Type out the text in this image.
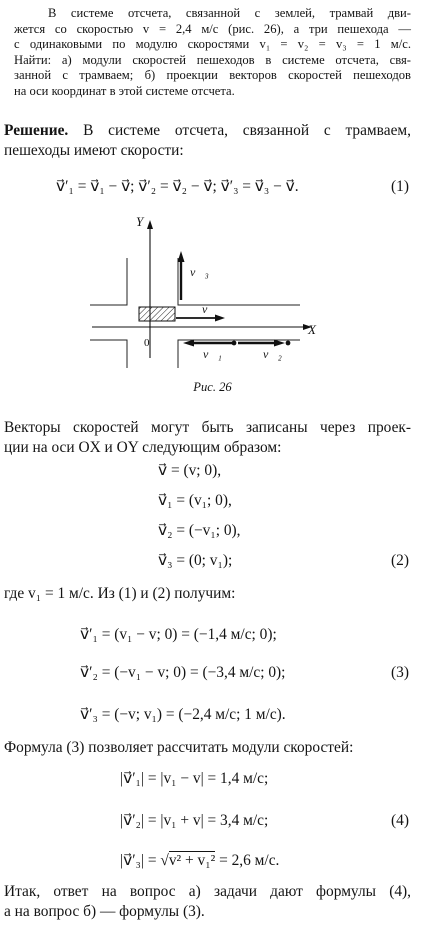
В системе отсчета, связанной с землей, трамвай дви-

жется со скоростью v = 2,4 м/с (рис. 26), а три пешехода —

с одинаковыми по модулю скоростями v₁ = v₂ = v₃ = 1 м/с.

Найти: а) модули скоростей пешеходов в системе отсчета, свя-

занной с трамваем; б) проекции векторов скоростей пешеходов

на оси координат в этой системе отсчета.

Решение. В системе отсчета, связанной с трамваем,

пешеходы имеют скорости:

v⃗′₁ = v⃗₁ − v⃗; v⃗′₂ = v⃗₂ − v⃗; v⃗′₃ = v⃗₃ − v⃗.	(1)
Y
X
0
v⃗
v⃗₃
v⃗₁	v⃗₂
Рис. 26

Векторы скоростей могут быть записаны через проек-

ции на оси OX и OY следующим образом:

v⃗ = (v; 0),
v⃗₁ = (v₁; 0),
v⃗₂ = (−v₁; 0),
v⃗₃ = (0; v₁);	(2)

где v₁ = 1 м/с. Из (1) и (2) получим:

v⃗′₁ = (v₁ − v; 0) = (−1,4 м/с; 0);
v⃗′₂ = (−v₁ − v; 0) = (−3,4 м/с; 0);	(3)
v⃗′₃ = (−v; v₁) = (−2,4 м/с; 1 м/с).

Формула (3) позволяет рассчитать модули скоростей:

|v⃗′₁| = |v₁ − v| = 1,4 м/с;
|v⃗′₂| = |v₁ + v| = 3,4 м/с;	(4)
|v⃗′₃| = √v² + v₁² = 2,6 м/с.

Итак, ответ на вопрос а) задачи дают формулы (4),

а на вопрос б) — формулы (3).
